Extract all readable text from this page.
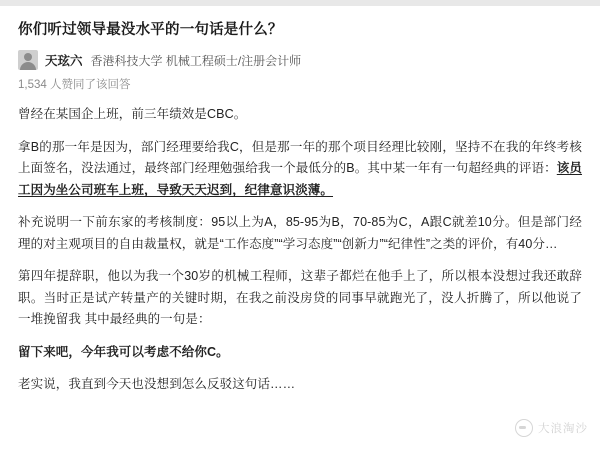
你们听过领导最没水平的一句话是什么？
天玹六 香港科技大学 机械工程硕士/注册会计师
1,534 人赞同了该回答
曾经在某国企上班，前三年绩效是CBC。
拿B的那一年是因为，部门经理要给我C，但是那一年的那个项目经理比较刚，坚持不在我的年终考核上面签名，没法通过，最终部门经理勉强给我一个最低分的B。其中某一年有一句超经典的评语：该员工因为坐公司班车上班，导致天天迟到，纪律意识淡薄。
补充说明一下前东家的考核制度：95以上为A，85-95为B，70-85为C，A跟C就差10分。但是部门经理的对主观项目的自由裁量权，就是“工作态度”“学习态度”“创新力”“纪律性”之类的评价，有40分…
第四年提辞职，他以为我一个30岁的机械工程师，这辈子都烂在他手上了，所以根本没想过我还敢辞职。当时正是试产转量产的关键时期，在我之前没房贷的同事早就跑光了，没人折腾了，所以他说了一堆挽留我 其中最经典的一句是：
留下来吧，今年我可以考虑不给你C。
老实说，我直到今天也没想到怎么反驳这句话……
大浪淘沙
